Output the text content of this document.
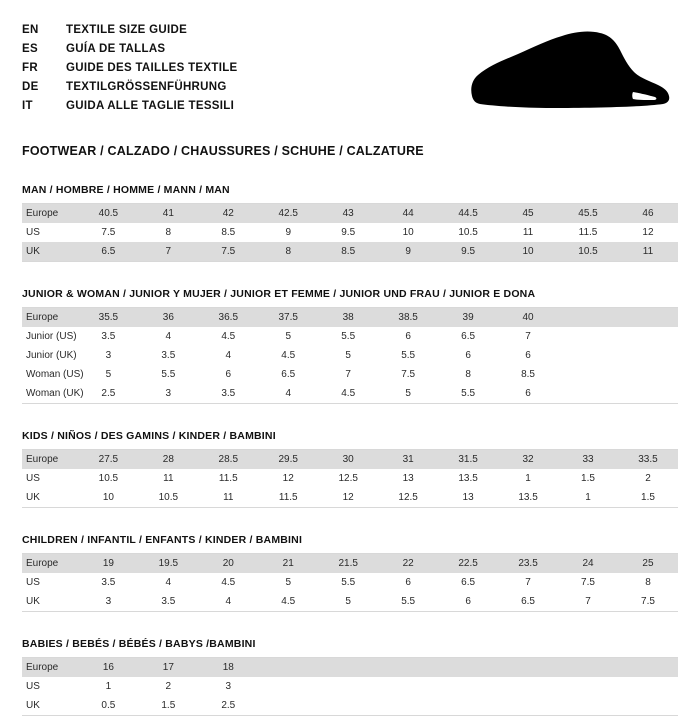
EN	TEXTILE SIZE GUIDE
ES	GUÍA DE TALLAS
FR	GUIDE DES TAILLES TEXTILE
DE	TEXTILGRÖSSENFÜHRUNG
IT	GUIDA ALLE TAGLIE TESSILI
FOOTWEAR / CALZADO / CHAUSSURES / SCHUHE / CALZATURE
MAN / HOMBRE / HOMME / MANN / MAN
Europe	40.5	41	42	42.5	43	44	44.5	45	45.5	46
US	7.5	8	8.5	9	9.5	10	10.5	11	11.5	12
UK	6.5	7	7.5	8	8.5	9	9.5	10	10.5	11
JUNIOR & WOMAN / JUNIOR Y MUJER / JUNIOR ET FEMME / JUNIOR UND FRAU / JUNIOR E DONA
Europe	35.5	36	36.5	37.5	38	38.5	39	40		
Junior (US)	3.5	4	4.5	5	5.5	6	6.5	7		
Junior (UK)	3	3.5	4	4.5	5	5.5	6	6		
Woman (US)	5	5.5	6	6.5	7	7.5	8	8.5		
Woman (UK)	2.5	3	3.5	4	4.5	5	5.5	6		
KIDS / NIÑOS / DES GAMINS / KINDER / BAMBINI
Europe	27.5	28	28.5	29.5	30	31	31.5	32	33	33.5
US	10.5	11	11.5	12	12.5	13	13.5	1	1.5	2
UK	10	10.5	11	11.5	12	12.5	13	13.5	1	1.5
CHILDREN / INFANTIL / ENFANTS / KINDER / BAMBINI
Europe	19	19.5	20	21	21.5	22	22.5	23.5	24	25
US	3.5	4	4.5	5	5.5	6	6.5	7	7.5	8
UK	3	3.5	4	4.5	5	5.5	6	6.5	7	7.5
BABIES / BEBÉS / BÉBÉS / BABYS /BAMBINI
Europe	16	17	18							
US	1	2	3							
UK	0.5	1.5	2.5							
